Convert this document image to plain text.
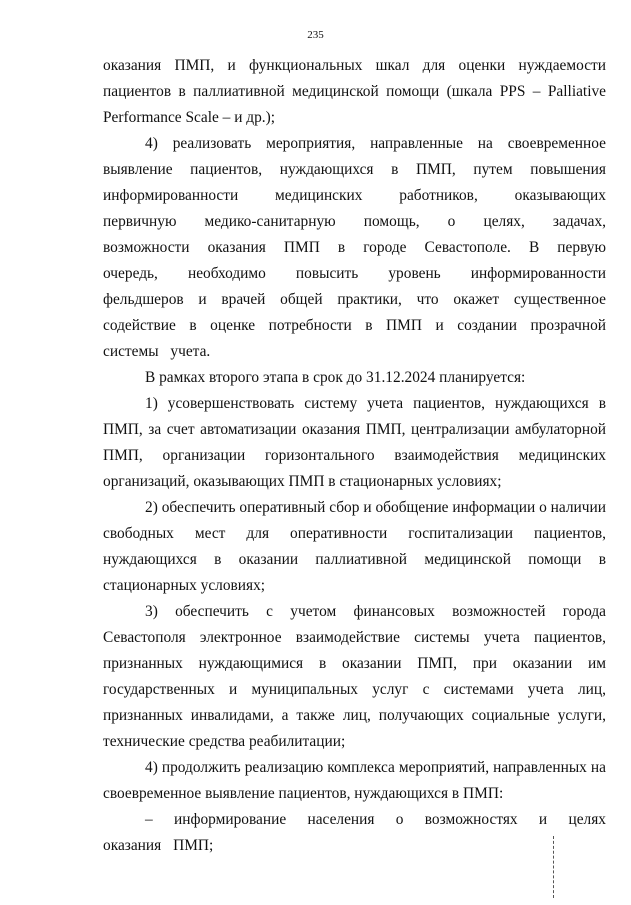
235

оказания ПМП, и функциональных шкал для оценки нуждаемости пациентов в паллиативной медицинской помощи (шкала PPS – Palliative Performance Scale – и др.);

4) реализовать мероприятия, направленные на своевременное выявление пациентов, нуждающихся в ПМП, путем повышения информированности медицинских работников, оказывающих первичную медико-санитарную помощь, о целях, задачах, возможности оказания ПМП в городе Севастополе. В первую очередь, необходимо повысить уровень информированности фельдшеров и врачей общей практики, что окажет существенное содействие в оценке потребности в ПМП и создании прозрачной системы учета.

В рамках второго этапа в срок до 31.12.2024 планируется:

1) усовершенствовать систему учета пациентов, нуждающихся в ПМП, за счет автоматизации оказания ПМП, централизации амбулаторной ПМП, организации горизонтального взаимодействия медицинских организаций, оказывающих ПМП в стационарных условиях;

2) обеспечить оперативный сбор и обобщение информации о наличии свободных мест для оперативности госпитализации пациентов, нуждающихся в оказании паллиативной медицинской помощи в стационарных условиях;

3) обеспечить с учетом финансовых возможностей города Севастополя электронное взаимодействие системы учета пациентов, признанных нуждающимися в оказании ПМП, при оказании им государственных и муниципальных услуг с системами учета лиц, признанных инвалидами, а также лиц, получающих социальные услуги, технические средства реабилитации;

4) продолжить реализацию комплекса мероприятий, направленных на своевременное выявление пациентов, нуждающихся в ПМП:

– информирование населения о возможностях и целях оказания ПМП;
